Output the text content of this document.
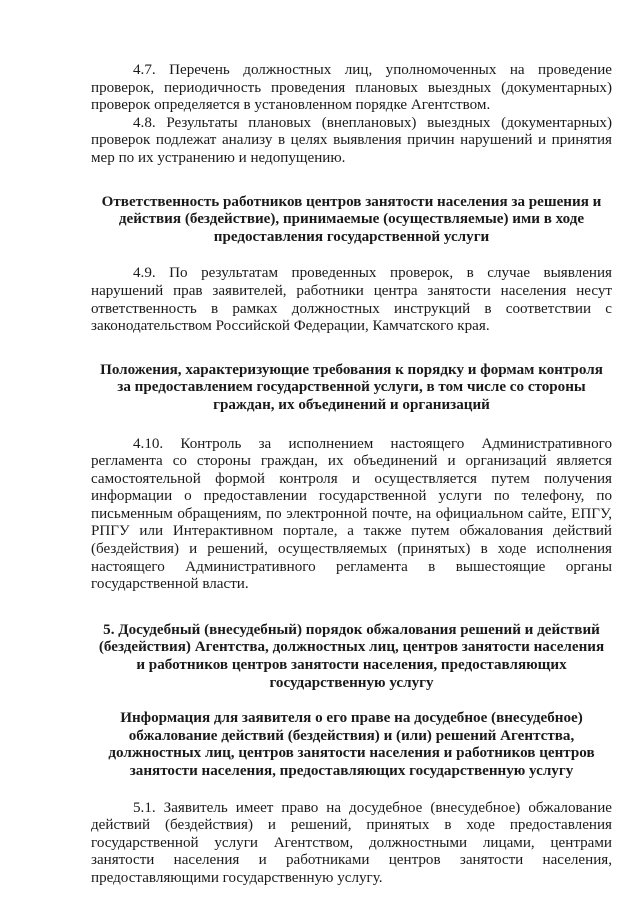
4.7. Перечень должностных лиц, уполномоченных на проведение проверок, периодичность проведения плановых выездных (документарных) проверок определяется в установленном порядке Агентством.

4.8. Результаты плановых (внеплановых) выездных (документарных) проверок подлежат анализу в целях выявления причин нарушений и принятия мер по их устранению и недопущению.

Ответственность работников центров занятости населения за решения и действия (бездействие), принимаемые (осуществляемые) ими в ходе предоставления государственной услуги

4.9. По результатам проведенных проверок, в случае выявления нарушений прав заявителей, работники центра занятости населения несут ответственность в рамках должностных инструкций в соответствии с законодательством Российской Федерации, Камчатского края.

Положения, характеризующие требования к порядку и формам контроля за предоставлением государственной услуги, в том числе со стороны граждан, их объединений и организаций

4.10. Контроль за исполнением настоящего Административного регламента со стороны граждан, их объединений и организаций является самостоятельной формой контроля и осуществляется путем получения информации о предоставлении государственной услуги по телефону, по письменным обращениям, по электронной почте, на официальном сайте, ЕПГУ, РПГУ или Интерактивном портале, а также путем обжалования действий (бездействия) и решений, осуществляемых (принятых) в ходе исполнения настоящего Административного регламента в вышестоящие органы государственной власти.

5. Досудебный (внесудебный) порядок обжалования решений и действий (бездействия) Агентства, должностных лиц, центров занятости населения и работников центров занятости населения, предоставляющих государственную услугу
Информация для заявителя о его праве на досудебное (внесудебное) обжалование действий (бездействия) и (или) решений Агентства, должностных лиц, центров занятости населения и работников центров занятости населения, предоставляющих государственную услугу

5.1. Заявитель имеет право на досудебное (внесудебное) обжалование действий (бездействия) и решений, принятых в ходе предоставления государственной услуги Агентством, должностными лицами, центрами занятости населения и работниками центров занятости населения, предоставляющими государственную услугу.
